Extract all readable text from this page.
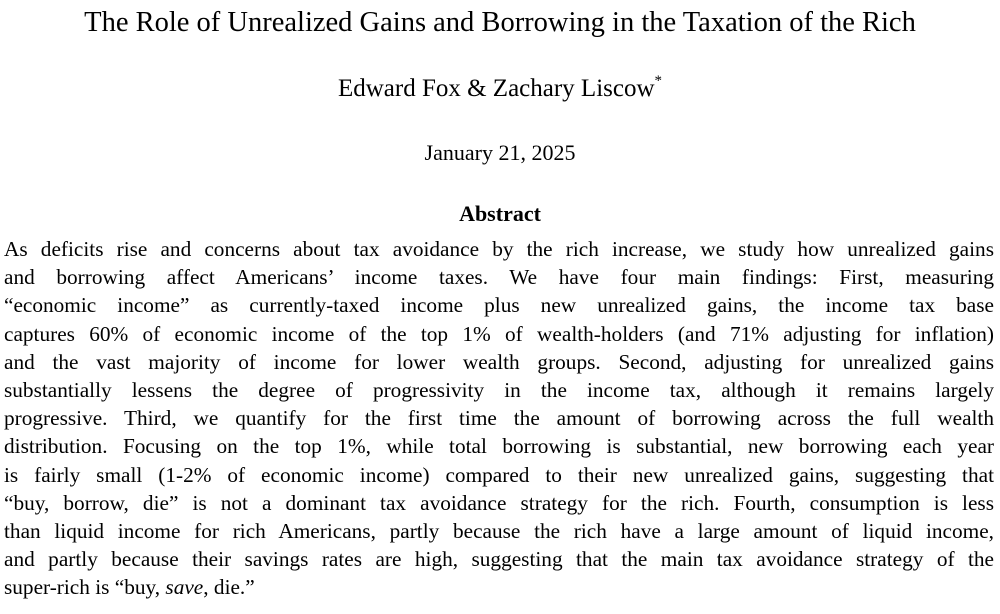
The Role of Unrealized Gains and Borrowing in the Taxation of the Rich
Edward Fox & Zachary Liscow*
January 21, 2025
Abstract
As deficits rise and concerns about tax avoidance by the rich increase, we study how unrealized gains
and borrowing affect Americans’ income taxes. We have four main findings: First, measuring
“economic income” as currently-taxed income plus new unrealized gains, the income tax base
captures 60% of economic income of the top 1% of wealth-holders (and 71% adjusting for inflation)
and the vast majority of income for lower wealth groups. Second, adjusting for unrealized gains
substantially lessens the degree of progressivity in the income tax, although it remains largely
progressive. Third, we quantify for the first time the amount of borrowing across the full wealth
distribution. Focusing on the top 1%, while total borrowing is substantial, new borrowing each year
is fairly small (1-2% of economic income) compared to their new unrealized gains, suggesting that
“buy, borrow, die” is not a dominant tax avoidance strategy for the rich. Fourth, consumption is less
than liquid income for rich Americans, partly because the rich have a large amount of liquid income,
and partly because their savings rates are high, suggesting that the main tax avoidance strategy of the
super-rich is “buy, save, die.”
